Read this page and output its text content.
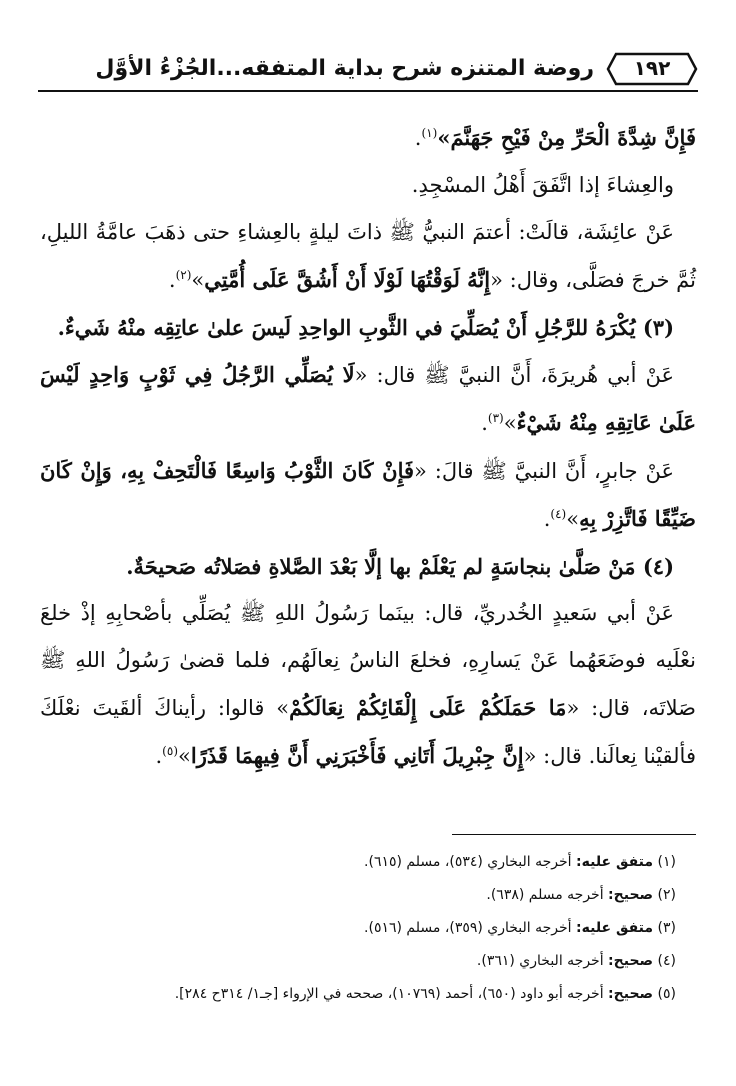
١٩٢
روضة المتنزه شرح بداية المتفقه...الجُزْءُ الأوَّل

فَإِنَّ شِدَّةَ الْحَرِّ مِنْ فَيْحِ جَهَنَّمَ»$^{(١)}$.

والعِشاءَ إذا اتَّفَقَ أَهْلُ المسْجِدِ.

عَنْ عائِشَة، قالَتْ: أعتمَ النبيُّ ﷺ ذاتَ ليلةٍ بالعِشاءِ حتى ذهَبَ عامَّةُ الليلِ، ثُمَّ خرجَ فصَلَّى، وقال: «إِنَّهُ لَوَقْتُهَا لَوْلَا أَنْ أَشُقَّ عَلَى أُمَّتِي»$^{(٢)}$.

(٣) يُكْرَهُ للرَّجُلِ أَنْ يُصَلِّيَ في الثَّوبِ الواحِدِ لَيسَ علىٰ عاتِقِه منْهُ شَيءٌ.

عَنْ أبي هُريرَةَ، أَنَّ النبيَّ ﷺ قال: «لَا يُصَلِّي الرَّجُلُ فِي ثَوْبٍ وَاحِدٍ لَيْسَ عَلَىٰ عَاتِقِهِ مِنْهُ شَيْءٌ»$^{(٣)}$.

عَنْ جابرٍ، أَنَّ النبيَّ ﷺ قالَ: «فَإِنْ كَانَ الثَّوْبُ وَاسِعًا فَالْتَحِفْ بِهِ، وَإِنْ كَانَ ضَيِّقًا فَاتَّزِرْ بِهِ»$^{(٤)}$.

(٤) مَنْ صَلَّىٰ بنجاسَةٍ لم يَعْلَمْ بها إلَّا بَعْدَ الصَّلاةِ فصَلاتُه صَحيحَةٌ.

عَنْ أبي سَعيدٍ الخُدريِّ، قال: بينَما رَسُولُ اللهِ ﷺ يُصَلِّي بأصْحابِهِ إذْ خلعَ نعْلَيه فوضَعَهُما عَنْ يَسارِهِ، فخلعَ الناسُ نِعالَهُم، فلما قضىٰ رَسُولُ اللهِ ﷺ صَلاتَه، قال: «مَا حَمَلَكُمْ عَلَى إِلْقَائِكُمْ نِعَالَكُمْ» قالوا: رأيناكَ ألقَيتَ نعْلَكَ فألقيْنا نِعالَنا. قال: «إِنَّ جِبْرِيلَ أَتَانِي فَأَخْبَرَنِي أَنَّ فِيهِمَا قَذَرًا»$^{(٥)}$.

(١) متفق عليه: أخرجه البخاري (٥٣٤)، مسلم (٦١٥).
(٢) صحيح: أخرجه مسلم (٦٣٨).
(٣) متفق عليه: أخرجه البخاري (٣٥٩)، مسلم (٥١٦).
(٤) صحيح: أخرجه البخاري (٣٦١).
(٥) صحيح: أخرجه أبو داود (٦٥٠)، أحمد (١٠٧٦٩)، صححه في الإرواء [جـ١/ ٣١٤ح ٢٨٤].
